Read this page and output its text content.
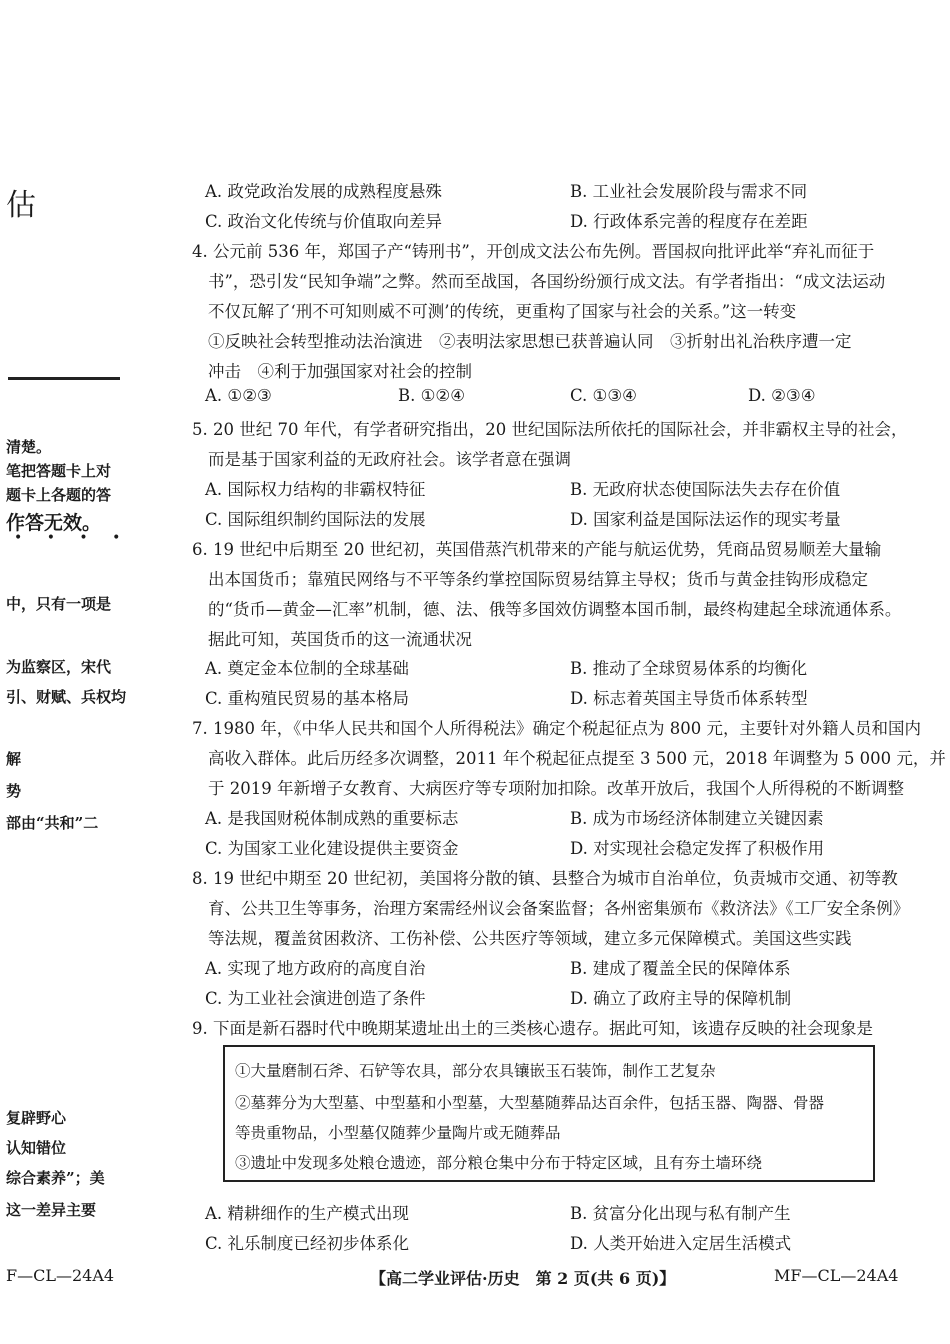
估
清楚。
笔把答题卡上对
题卡上各题的答
作答无效。
• • • •
中，只有一项是
为监察区，宋代
引、财赋、兵权均
解
势
部由“共和”二
复辟野心
认知错位
综合素养”；美
这一差异主要
A. 政党政治发展的成熟程度悬殊	B. 工业社会发展阶段与需求不同
C. 政治文化传统与价值取向差异	D. 行政体系完善的程度存在差距
4. 公元前 536 年，郑国子产“铸刑书”，开创成文法公布先例。晋国叔向批评此举“弃礼而征于
书”，恐引发“民知争端”之弊。然而至战国，各国纷纷颁行成文法。有学者指出：“成文法运动
不仅瓦解了‘刑不可知则威不可测’的传统，更重构了国家与社会的关系。”这一转变
①反映社会转型推动法治演进　②表明法家思想已获普遍认同　③折射出礼治秩序遭一定
冲击　④利于加强国家对社会的控制
A. ①②③	B. ①②④	C. ①③④	D. ②③④
5. 20 世纪 70 年代，有学者研究指出，20 世纪国际法所依托的国际社会，并非霸权主导的社会，
而是基于国家利益的无政府社会。该学者意在强调
A. 国际权力结构的非霸权特征	B. 无政府状态使国际法失去存在价值
C. 国际组织制约国际法的发展	D. 国家利益是国际法运作的现实考量
6. 19 世纪中后期至 20 世纪初，英国借蒸汽机带来的产能与航运优势，凭商品贸易顺差大量输
出本国货币；靠殖民网络与不平等条约掌控国际贸易结算主导权；货币与黄金挂钩形成稳定
的“货币—黄金—汇率”机制，德、法、俄等多国效仿调整本国币制，最终构建起全球流通体系。
据此可知，英国货币的这一流通状况
A. 奠定金本位制的全球基础	B. 推动了全球贸易体系的均衡化
C. 重构殖民贸易的基本格局	D. 标志着英国主导货币体系转型
7. 1980 年，《中华人民共和国个人所得税法》确定个税起征点为 800 元，主要针对外籍人员和国内
高收入群体。此后历经多次调整，2011 年个税起征点提至 3 500 元，2018 年调整为 5 000 元，并
于 2019 年新增子女教育、大病医疗等专项附加扣除。改革开放后，我国个人所得税的不断调整
A. 是我国财税体制成熟的重要标志	B. 成为市场经济体制建立关键因素
C. 为国家工业化建设提供主要资金	D. 对实现社会稳定发挥了积极作用
8. 19 世纪中期至 20 世纪初，美国将分散的镇、县整合为城市自治单位，负责城市交通、初等教
育、公共卫生等事务，治理方案需经州议会备案监督；各州密集颁布《救济法》《工厂安全条例》
等法规，覆盖贫困救济、工伤补偿、公共医疗等领域，建立多元保障模式。美国这些实践
A. 实现了地方政府的高度自治	B. 建成了覆盖全民的保障体系
C. 为工业社会演进创造了条件	D. 确立了政府主导的保障机制
9. 下面是新石器时代中晚期某遗址出土的三类核心遗存。据此可知，该遗存反映的社会现象是
①大量磨制石斧、石铲等农具，部分农具镶嵌玉石装饰，制作工艺复杂
②墓葬分为大型墓、中型墓和小型墓，大型墓随葬品达百余件，包括玉器、陶器、骨器
等贵重物品，小型墓仅随葬少量陶片或无随葬品
③遗址中发现多处粮仓遗迹，部分粮仓集中分布于特定区域，且有夯土墙环绕
A. 精耕细作的生产模式出现	B. 贫富分化出现与私有制产生
C. 礼乐制度已经初步体系化	D. 人类开始进入定居生活模式
F—CL—24A4	【高二学业评估·历史　第 2 页(共 6 页)】	MF—CL—24A4
